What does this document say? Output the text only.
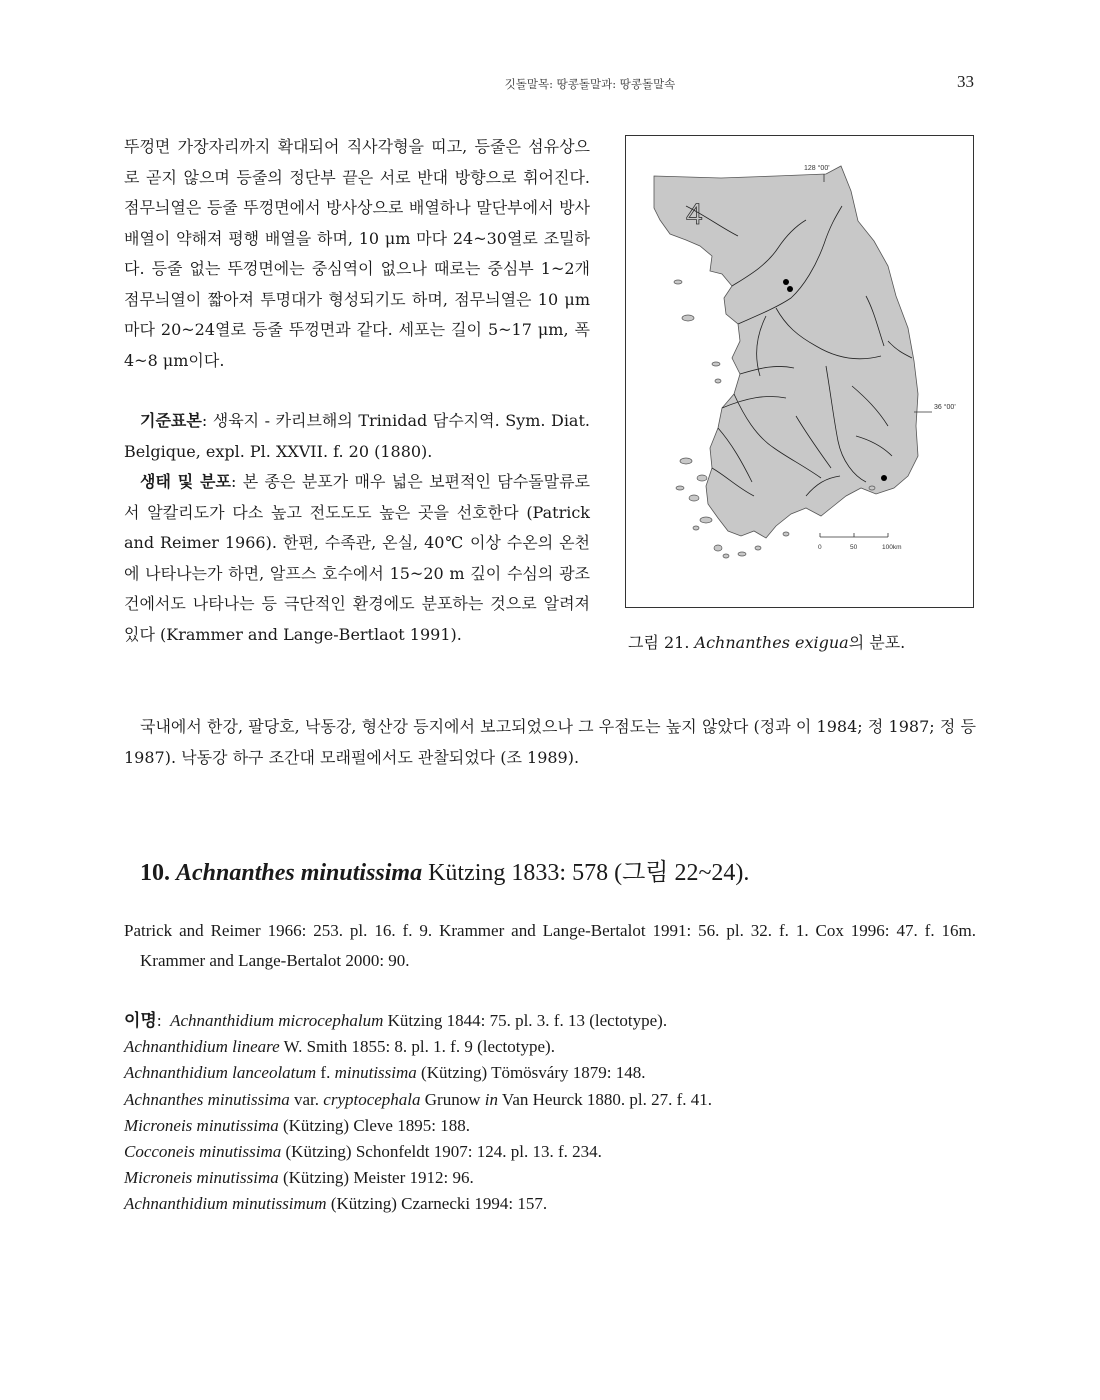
깃돌말목: 땅콩돌말과: 땅콩돌말속	33

뚜껑면 가장자리까지 확대되어 직사각형을 띠고, 등줄은 섬유상으로 곧지 않으며 등줄의 정단부 끝은 서로 반대 방향으로 휘어진다. 점무늬열은 등줄 뚜껑면에서 방사상으로 배열하나 말단부에서 방사배열이 약해져 평행 배열을 하며, 10 μm 마다 24~30열로 조밀하다. 등줄 없는 뚜껑면에는 중심역이 없으나 때로는 중심부 1~2개 점무늬열이 짧아져 투명대가 형성되기도 하며, 점무늬열은 10 μm 마다 20~24열로 등줄 뚜껑면과 같다. 세포는 길이 5~17 μm, 폭 4~8 μm이다.

기준표본: 생육지 - 카리브해의 Trinidad 담수지역. Sym. Diat. Belgique, expl. Pl. XXVII. f. 20 (1880).

생태 및 분포: 본 종은 분포가 매우 넓은 보편적인 담수돌말류로서 알칼리도가 다소 높고 전도도도 높은 곳을 선호한다 (Patrick and Reimer 1966). 한편, 수족관, 온실, 40℃ 이상 수온의 온천에 나타나는가 하면, 알프스 호수에서 15~20 m 깊이 수심의 광조건에서도 나타나는 등 극단적인 환경에도 분포하는 것으로 알려져 있다 (Krammer and Lange-Bertlaot 1991).

국내에서 한강, 팔당호, 낙동강, 형산강 등지에서 보고되었으나 그 우점도는 높지 않았다 (정과 이 1984; 정 1987; 정 등 1987). 낙동강 하구 조간대 모래펄에서도 관찰되었다 (조 1989).

4
128 °00'
36 °00'
0	50	100km
그림 21. Achnanthes exigua의 분포.
10. Achnanthes minutissima Kützing 1833: 578 (그림 22~24).
Patrick and Reimer 1966: 253. pl. 16. f. 9. Krammer and Lange-Bertalot 1991: 56. pl. 32. f. 1. Cox 1996: 47. f. 16m. Krammer and Lange-Bertalot 2000: 90.
이명:  Achnanthidium microcephalum Kützing 1844: 75. pl. 3. f. 13 (lectotype).
Achnanthidium lineare W. Smith 1855: 8. pl. 1. f. 9 (lectotype).
Achnanthidium lanceolatum f. minutissima (Kützing) Tömösváry 1879: 148.
Achnanthes minutissima var. cryptocephala Grunow in Van Heurck 1880. pl. 27. f. 41.
Microneis minutissima (Kützing) Cleve 1895: 188.
Cocconeis minutissima (Kützing) Schonfeldt 1907: 124. pl. 13. f. 234.
Microneis minutissima (Kützing) Meister 1912: 96.
Achnanthidium minutissimum (Kützing) Czarnecki 1994: 157.
